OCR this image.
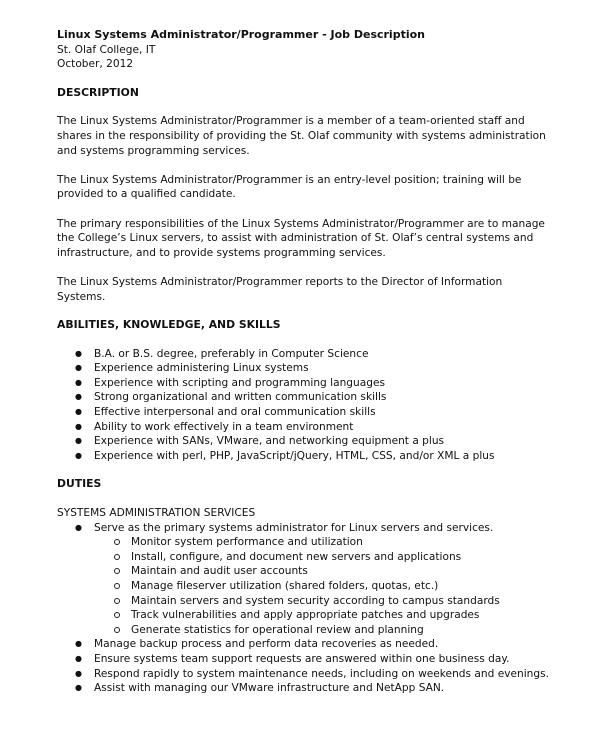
Linux Systems Administrator/Programmer - Job Description
St. Olaf College, IT
October, 2012
DESCRIPTION
The Linux Systems Administrator/Programmer is a member of a team-oriented staff and
shares in the responsibility of providing the St. Olaf community with systems administration
and systems programming services.
The Linux Systems Administrator/Programmer is an entry-level position; training will be
provided to a qualified candidate.
The primary responsibilities of the Linux Systems Administrator/Programmer are to manage
the College’s Linux servers, to assist with administration of St. Olaf’s central systems and
infrastructure, and to provide systems programming services.
The Linux Systems Administrator/Programmer reports to the Director of Information
Systems.
ABILITIES, KNOWLEDGE, AND SKILLS
● B.A. or B.S. degree, preferably in Computer Science
● Experience administering Linux systems
● Experience with scripting and programming languages
● Strong organizational and written communication skills
● Effective interpersonal and oral communication skills
● Ability to work effectively in a team environment
● Experience with SANs, VMware, and networking equipment a plus
● Experience with perl, PHP, JavaScript/jQuery, HTML, CSS, and/or XML a plus
DUTIES
SYSTEMS ADMINISTRATION SERVICES
● Serve as the primary systems administrator for Linux servers and services.
Monitor system performance and utilization
Install, configure, and document new servers and applications
Maintain and audit user accounts
Manage fileserver utilization (shared folders, quotas, etc.)
Maintain servers and system security according to campus standards
Track vulnerabilities and apply appropriate patches and upgrades
Generate statistics for operational review and planning
● Manage backup process and perform data recoveries as needed.
● Ensure systems team support requests are answered within one business day.
● Respond rapidly to system maintenance needs, including on weekends and evenings.
● Assist with managing our VMware infrastructure and NetApp SAN.
